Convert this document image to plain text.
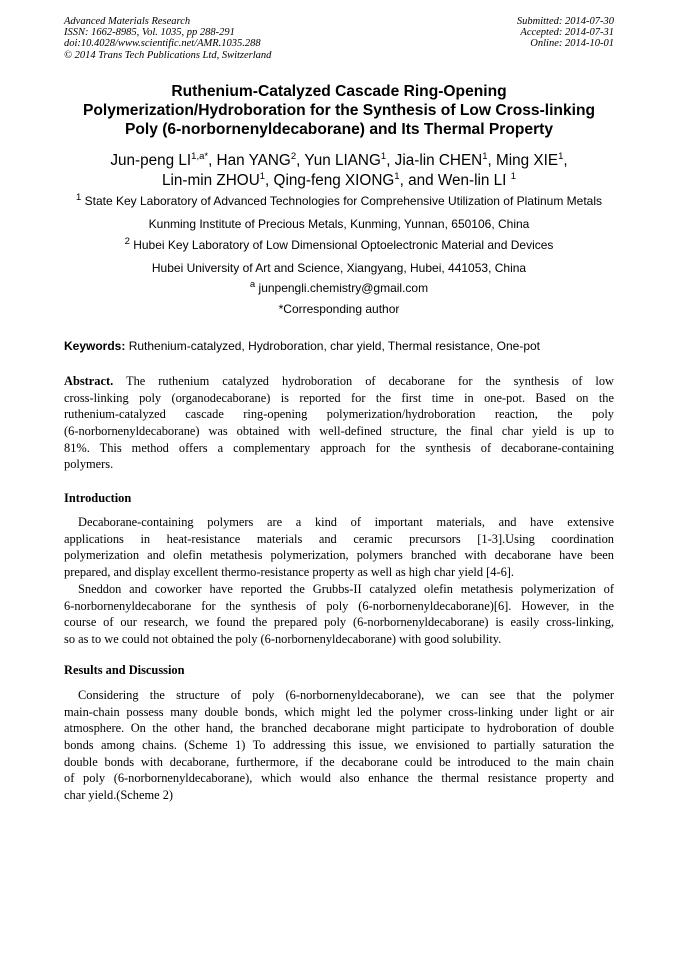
Advanced Materials Research
ISSN: 1662-8985, Vol. 1035, pp 288-291
doi:10.4028/www.scientific.net/AMR.1035.288
© 2014 Trans Tech Publications Ltd, Switzerland
Submitted: 2014-07-30
Accepted: 2014-07-31
Online: 2014-10-01
Ruthenium-Catalyzed Cascade Ring-Opening
Polymerization/Hydroboration for the Synthesis of Low Cross-linking
Poly (6-norbornenyldecaborane) and Its Thermal Property
Jun-peng $LI^{1,a*}$, Han YANG$^2$, Yun LIANG$^1$, Jia-lin CHEN$^1$, Ming XIE$^1$,
Lin-min ZHOU$^1$, Qing-feng XIONG$^1$, and Wen-lin LI $^1$
$^1$ State Key Laboratory of Advanced Technologies for Comprehensive Utilization of Platinum Metals
Kunming Institute of Precious Metals, Kunming, Yunnan, 650106, China
$^2$ Hubei Key Laboratory of Low Dimensional Optoelectronic Material and Devices
Hubei University of Art and Science, Xiangyang, Hubei, 441053, China
$^a$ junpengli.chemistry@gmail.com
*Corresponding author
Keywords: Ruthenium-catalyzed, Hydroboration, char yield, Thermal resistance, One-pot
Abstract. The ruthenium catalyzed hydroboration of decaborane for the synthesis of low
cross-linking poly (organodecaborane) is reported for the first time in one-pot. Based on the
ruthenium-catalyzed cascade ring-opening polymerization/hydroboration reaction, the poly
(6-norbornenyldecaborane) was obtained with well-defined structure, the final char yield is up to
81%. This method offers a complementary approach for the synthesis of decaborane-containing
polymers.
Introduction
Decaborane-containing polymers are a kind of important materials, and have extensive
applications in heat-resistance materials and ceramic precursors [1-3].Using coordination
polymerization and olefin metathesis polymerization, polymers branched with decaborane have been
prepared, and display excellent thermo-resistance property as well as high char yield [4-6].
Sneddon and coworker have reported the Grubbs-II catalyzed olefin metathesis polymerization of
6-norbornenyldecaborane for the synthesis of poly (6-norbornenyldecaborane)[6]. However, in the
course of our research, we found the prepared poly (6-norbornenyldecaborane) is easily cross-linking,
so as to we could not obtained the poly (6-norbornenyldecaborane) with good solubility.
Results and Discussion
Considering the structure of poly (6-norbornenyldecaborane), we can see that the polymer
main-chain possess many double bonds, which might led the polymer cross-linking under light or air
atmosphere. On the other hand, the branched decaborane might participate to hydroboration of double
bonds among chains. (Scheme 1) To addressing this issue, we envisioned to partially saturation the
double bonds with decaborane, furthermore, if the decaborane could be introduced to the main chain
of poly (6-norbornenyldecaborane), which would also enhance the thermal resistance property and
char yield.(Scheme 2)
